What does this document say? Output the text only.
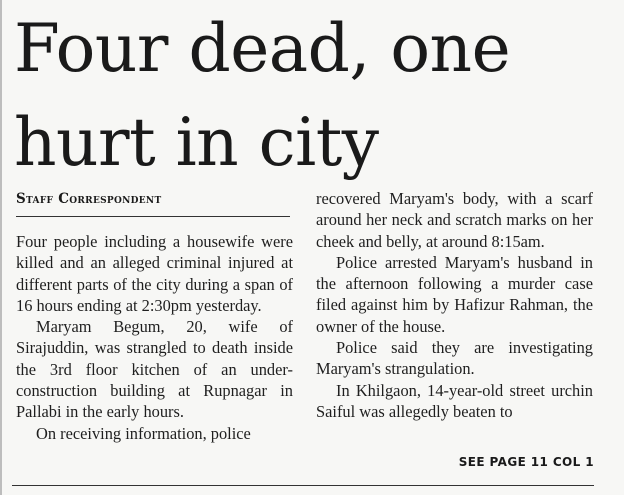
Four dead, one
hurt in city
Staff Correspondent

Four people including a housewife were killed and an alleged criminal injured at different parts of the city during a span of 16 hours ending at 2:30pm yesterday.

Maryam Begum, 20, wife of Sirajuddin, was strangled to death inside the 3rd floor kitchen of an under-construction building at Rupnagar in Pallabi in the early hours.

On receiving information, police

recovered Maryam's body, with a scarf around her neck and scratch marks on her cheek and belly, at around 8:15am.

Police arrested Maryam's husband in the afternoon following a murder case filed against him by Hafizur Rahman, the owner of the house.

Police said they are investigating Maryam's strangulation.

In Khilgaon, 14-year-old street urchin Saiful was allegedly beaten to

SEE PAGE 11 COL 1
